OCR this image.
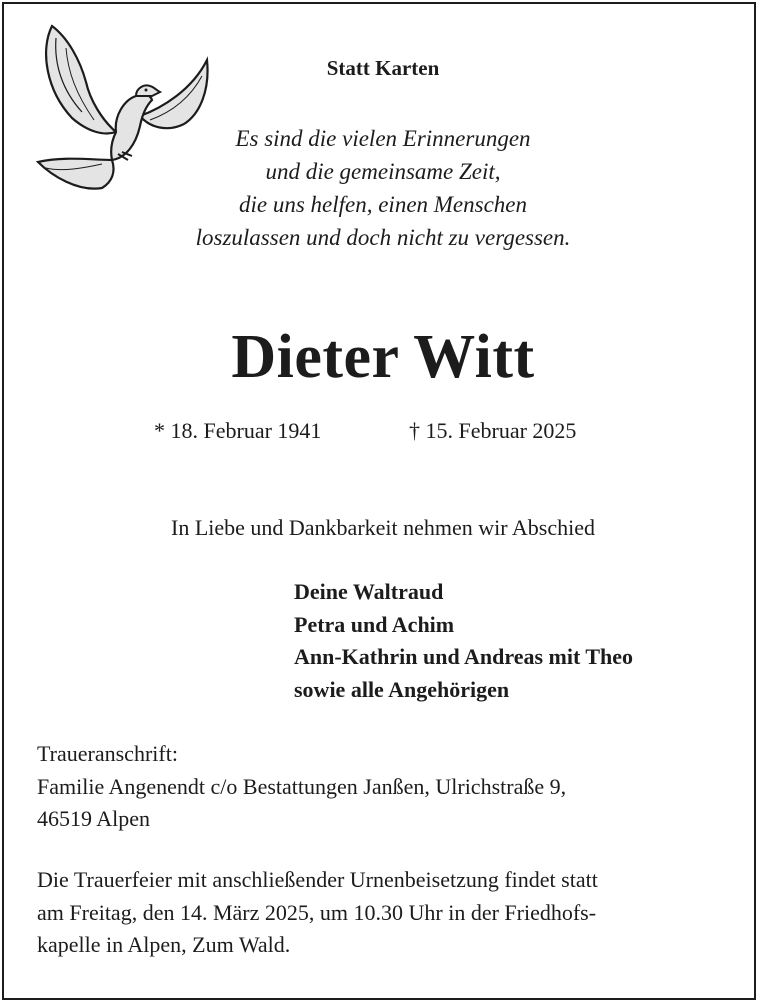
Statt Karten
Es sind die vielen Erinnerungen
und die gemeinsame Zeit,
die uns helfen, einen Menschen
loszulassen und doch nicht zu vergessen.
Dieter Witt
* 18. Februar 1941	† 15. Februar 2025
In Liebe und Dankbarkeit nehmen wir Abschied
Deine Waltraud
Petra und Achim
Ann-Kathrin und Andreas mit Theo
sowie alle Angehörigen
Traueranschrift:
Familie Angenendt c/o Bestattungen Janßen, Ulrichstraße 9,
46519 Alpen
Die Trauerfeier mit anschließender Urnenbeisetzung findet statt
am Freitag, den 14. März 2025, um 10.30 Uhr in der Friedhofs-
kapelle in Alpen, Zum Wald.
